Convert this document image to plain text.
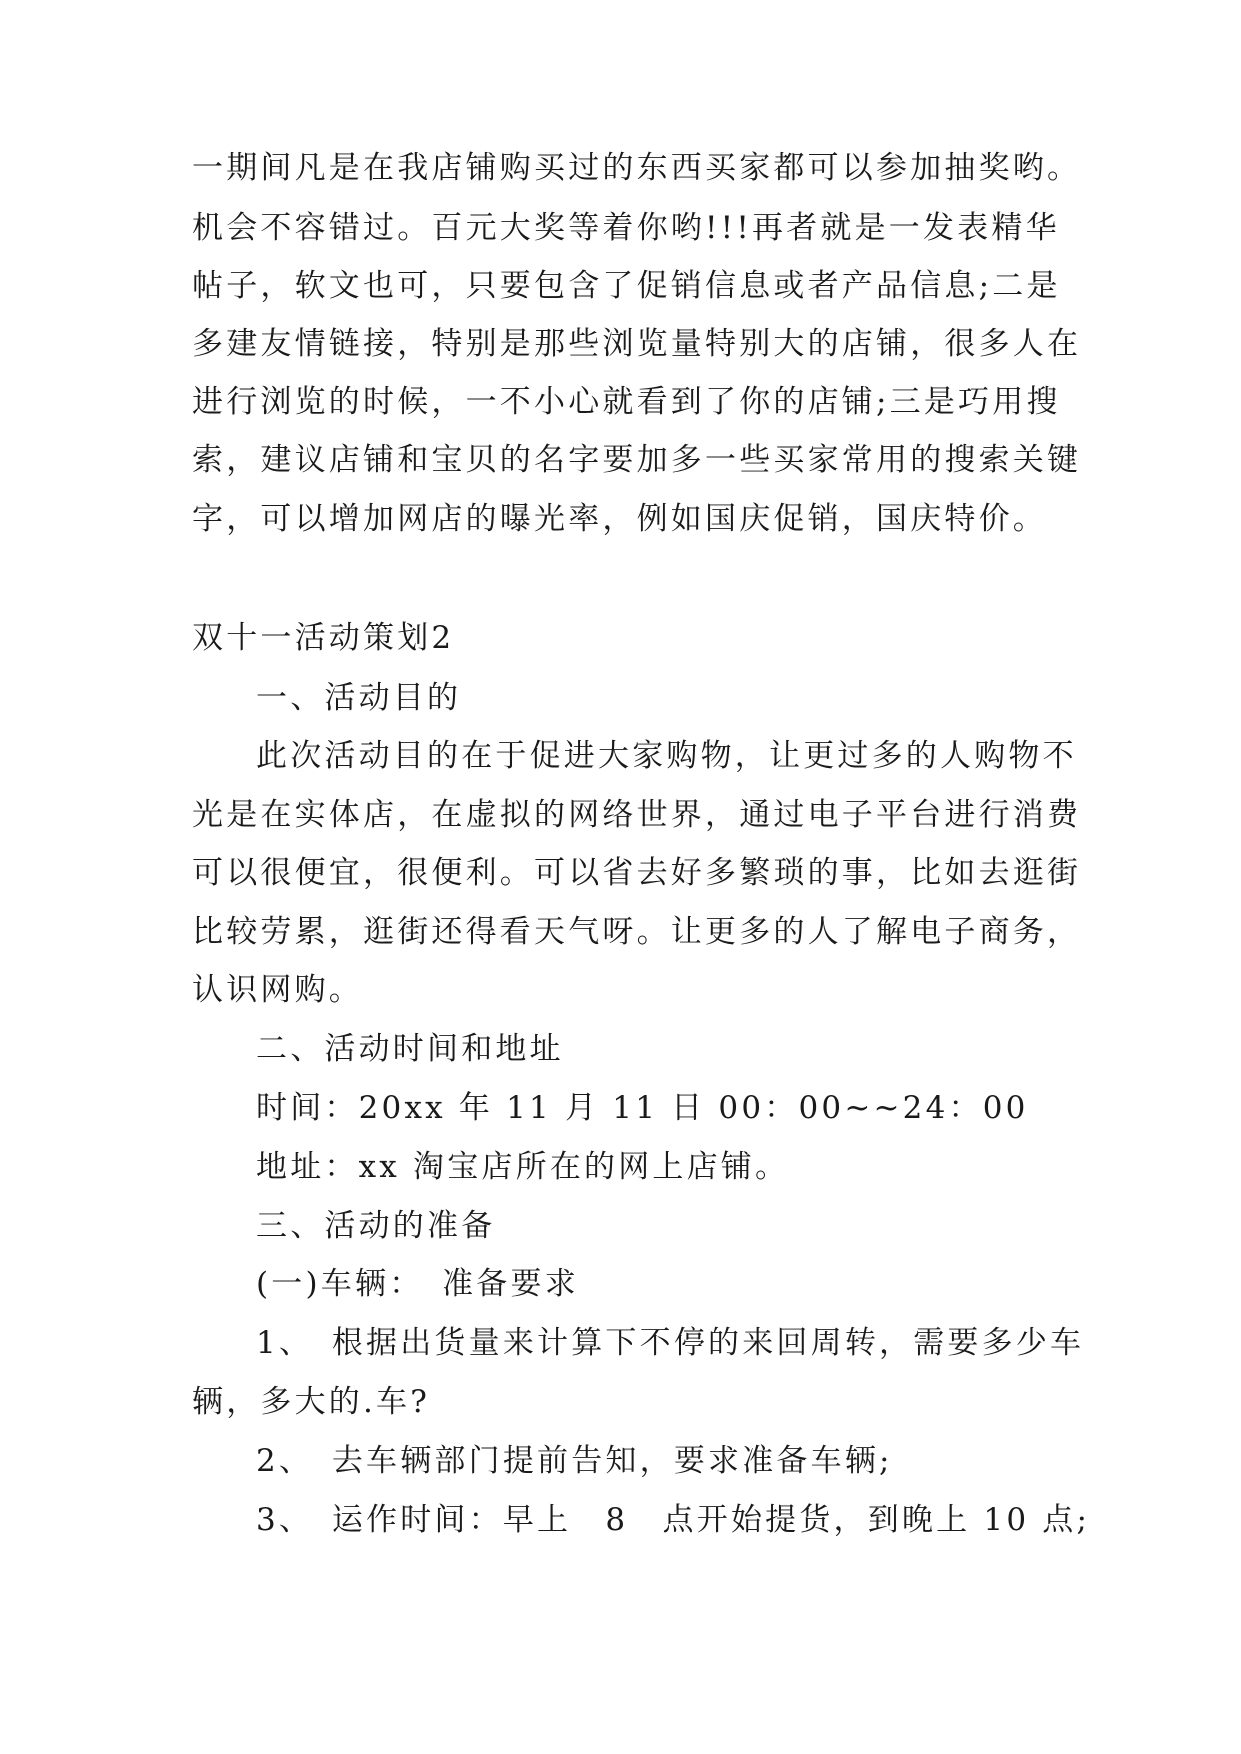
一期间凡是在我店铺购买过的东西买家都可以参加抽奖哟。
机会不容错过。百元大奖等着你哟!!!再者就是一发表精华
帖子，软文也可，只要包含了促销信息或者产品信息;二是
多建友情链接，特别是那些浏览量特别大的店铺，很多人在
进行浏览的时候，一不小心就看到了你的店铺;三是巧用搜
索，建议店铺和宝贝的名字要加多一些买家常用的搜索关键
字，可以增加网店的曝光率，例如国庆促销，国庆特价。
双十一活动策划2
一、活动目的
此次活动目的在于促进大家购物，让更过多的人购物不
光是在实体店，在虚拟的网络世界，通过电子平台进行消费
可以很便宜，很便利。可以省去好多繁琐的事，比如去逛街
比较劳累，逛街还得看天气呀。让更多的人了解电子商务，
认识网购。
二、活动时间和地址
时间：20xx 年 11 月 11 日 00：00~~24：00
地址：xx 淘宝店所在的网上店铺。
三、活动的准备
(一)车辆：　准备要求
1、　根据出货量来计算下不停的来回周转，需要多少车
辆，多大的.车?
2、　去车辆部门提前告知，要求准备车辆;
3、　运作时间：早上　8　点开始提货，到晚上 10 点;
